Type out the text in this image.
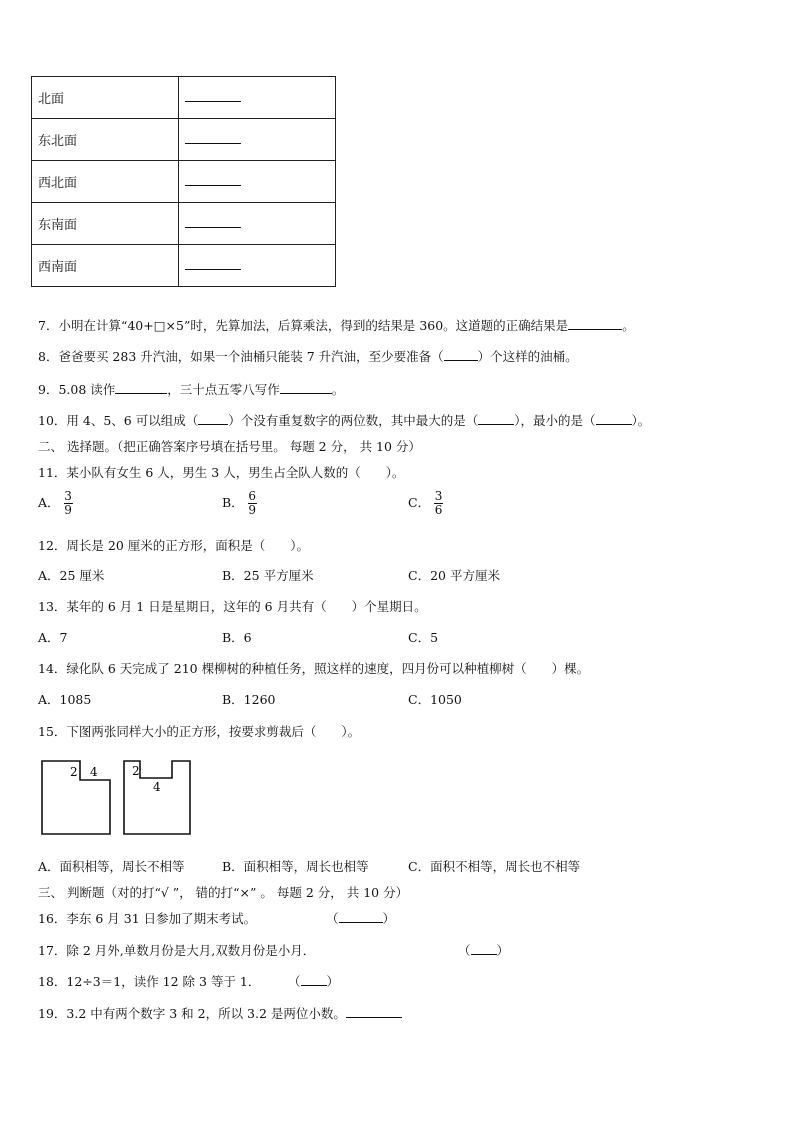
北面	
东北面	
西北面	
东南面	
西南面	
7．小明在计算“40+□×5”时，先算加法，后算乘法，得到的结果是 360。这道题的正确结果是	。
8．爸爸要买 283 升汽油，如果一个油桶只能装 7 升汽油，至少要准备（	）个这样的油桶。
9．5.08 读作	，三十点五零八写作	。
10．用 4、5、6 可以组成（ ）个没有重复数字的两位数，其中最大的是（	），最小的是（	）。
二、 选择题。（把正确答案序号填在括号里。 每题 2 分， 共 10 分）
11．某小队有女生 6 人，男生 3 人，男生占全队人数的（　　）。
A． $\frac{3}{9}$	B． $\frac{6}{9}$	C． $\frac{3}{6}$
12．周长是 20 厘米的正方形，面积是（　　）。
A．25 厘米	B．25 平方厘米	C．20 平方厘米
13．某年的 6 月 1 日是星期日，这年的 6 月共有（　　）个星期日。
A．7	B．6	C．5
14．绿化队 6 天完成了 210 棵柳树的种植任务，照这样的速度，四月份可以种植柳树（　　）棵。
A．1085	B．1260	C．1050
15．下图两张同样大小的正方形，按要求剪裁后（　　）。
2 4	2
4
A．面积相等，周长不相等	B．面积相等，周长也相等	C．面积不相等，周长也不相等
三、 判断题（对的打“√ ”， 错的打“×” 。 每题 2 分， 共 10 分）
16．李东 6 月 31 日参加了期末考试。	（	）
17．除 2 月外,单数月份是大月,双数月份是小月．	（ ）
18．12÷3＝1，读作 12 除 3 等于 1． （ ）
19．3.2 中有两个数字 3 和 2，所以 3.2 是两位小数。
